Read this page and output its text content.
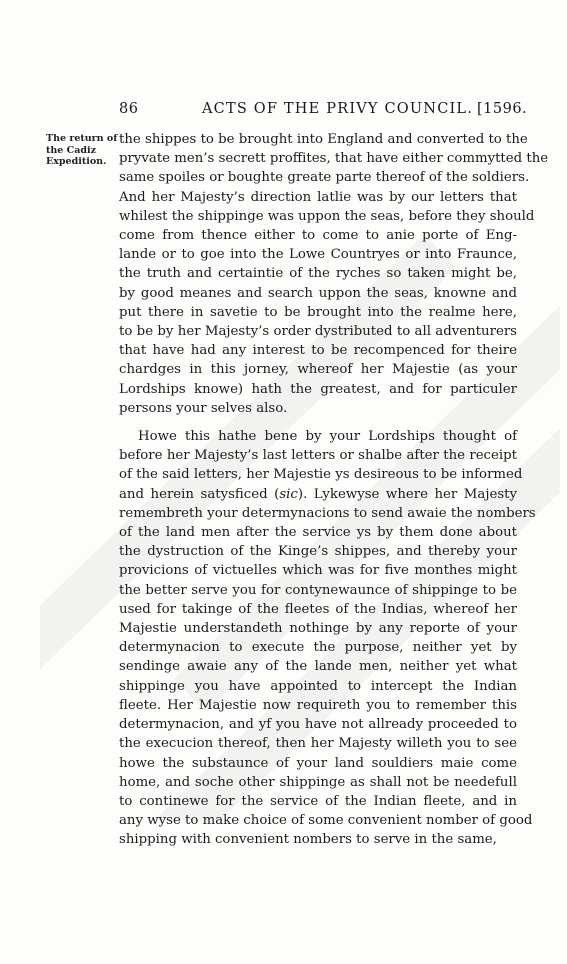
86	ACTS OF THE PRIVY COUNCIL. [1596.
The return of
the Cadiz
Expedition.
the shippes to be brought into England and converted to the
pryvate men’s secrett proffites, that have either commytted the
same spoiles or boughte greate parte thereof of the soldiers.
And her Majesty’s direction latlie was by our letters that
whilest the shippinge was uppon the seas, before they should
come from thence either to come to anie porte of Eng-
lande or to goe into the Lowe Countryes or into Fraunce,
the truth and certaintie of the ryches so taken might be,
by good meanes and search uppon the seas, knowne and
put there in savetie to be brought into the realme here,
to be by her Majesty’s order dystributed to all adventurers
that have had any interest to be recompenced for theire
chardges in this jorney, whereof her Majestie (as your
Lordships knowe) hath the greatest, and for particuler
persons your selves also.
Howe this hathe bene by your Lordships thought of
before her Majesty’s last letters or shalbe after the receipt
of the said letters, her Majestie ys desireous to be informed
and herein satysficed (sic). Lykewyse where her Majesty
remembreth your determynacions to send awaie the nombers
of the land men after the service ys by them done about
the dystruction of the Kinge’s shippes, and thereby your
provicions of victuelles which was for five monthes might
the better serve you for contynewaunce of shippinge to be
used for takinge of the fleetes of the Indias, whereof her
Majestie understandeth nothinge by any reporte of your
determynacion to execute the purpose, neither yet by
sendinge awaie any of the lande men, neither yet what
shippinge you have appointed to intercept the Indian
fleete. Her Majestie now requireth you to remember this
determynacion, and yf you have not allready proceeded to
the execucion thereof, then her Majesty willeth you to see
howe the substaunce of your land souldiers maie come
home, and soche other shippinge as shall not be needefull
to continewe for the service of the Indian fleete, and in
any wyse to make choice of some convenient nomber of good
shipping with convenient nombers to serve in the same,
